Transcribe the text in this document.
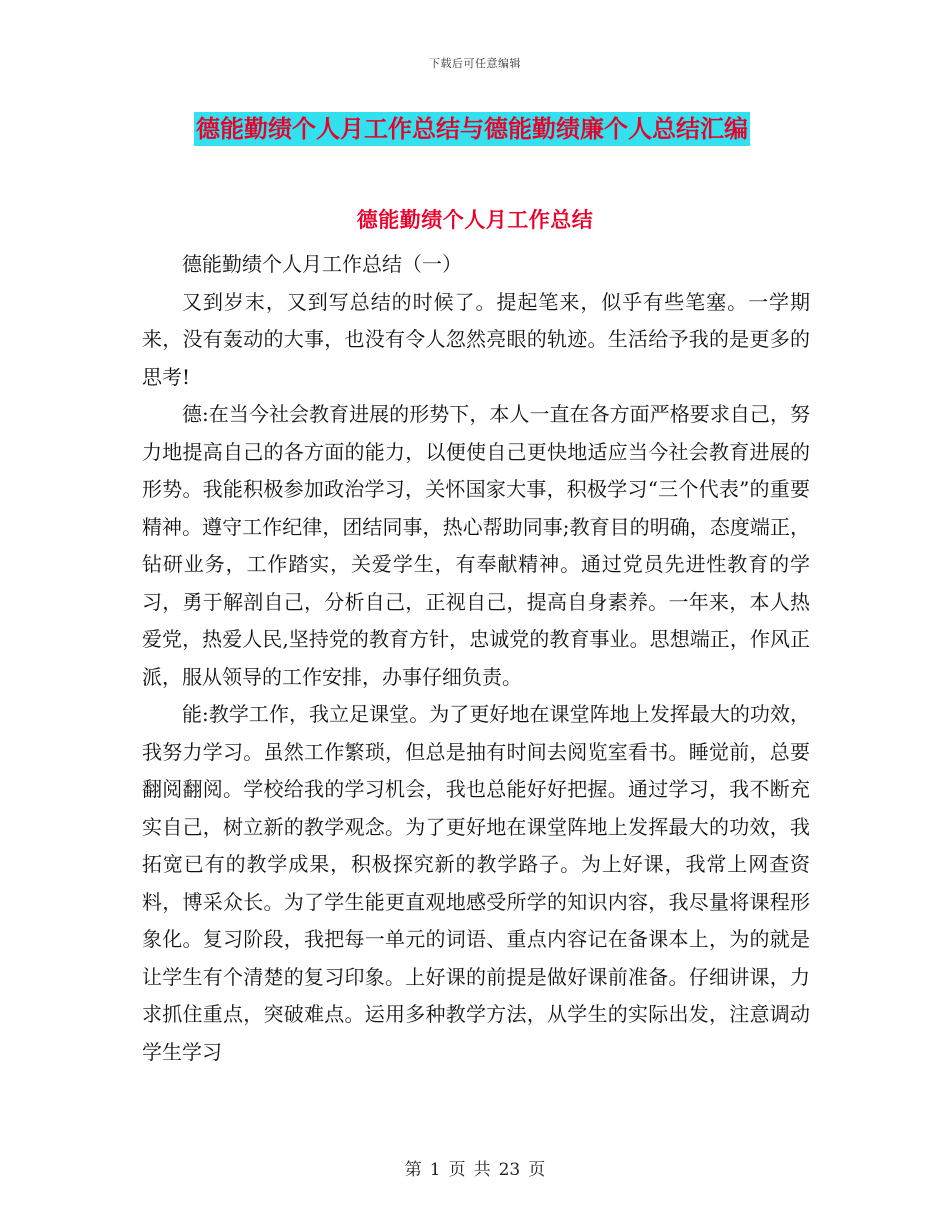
下载后可任意编辑
德能勤绩个人月工作总结与德能勤绩廉个人总结汇编
德能勤绩个人月工作总结

德能勤绩个人月工作总结（一）

又到岁末，又到写总结的时候了。提起笔来，似乎有些笔塞。一学期来，没有轰动的大事，也没有令人忽然亮眼的轨迹。生活给予我的是更多的思考!

德:在当今社会教育进展的形势下，本人一直在各方面严格要求自己，努力地提高自己的各方面的能力，以便使自己更快地适应当今社会教育进展的形势。我能积极参加政治学习，关怀国家大事，积极学习“三个代表”的重要精神。遵守工作纪律，团结同事，热心帮助同事;教育目的明确，态度端正，钻研业务，工作踏实，关爱学生，有奉献精神。通过党员先进性教育的学习，勇于解剖自己，分析自己，正视自己，提高自身素养。一年来，本人热爱党，热爱人民,坚持党的教育方针，忠诚党的教育事业。思想端正，作风正派，服从领导的工作安排，办事仔细负责。

能:教学工作，我立足课堂。为了更好地在课堂阵地上发挥最大的功效，我努力学习。虽然工作繁琐，但总是抽有时间去阅览室看书。睡觉前，总要翻阅翻阅。学校给我的学习机会，我也总能好好把握。通过学习，我不断充实自己，树立新的教学观念。为了更好地在课堂阵地上发挥最大的功效，我拓宽已有的教学成果，积极探究新的教学路子。为上好课，我常上网查资料，博采众长。为了学生能更直观地感受所学的知识内容，我尽量将课程形象化。复习阶段，我把每一单元的词语、重点内容记在备课本上，为的就是让学生有个清楚的复习印象。上好课的前提是做好课前准备。仔细讲课，力求抓住重点，突破难点。运用多种教学方法，从学生的实际出发，注意调动学生学习

第 1 页 共 23 页
